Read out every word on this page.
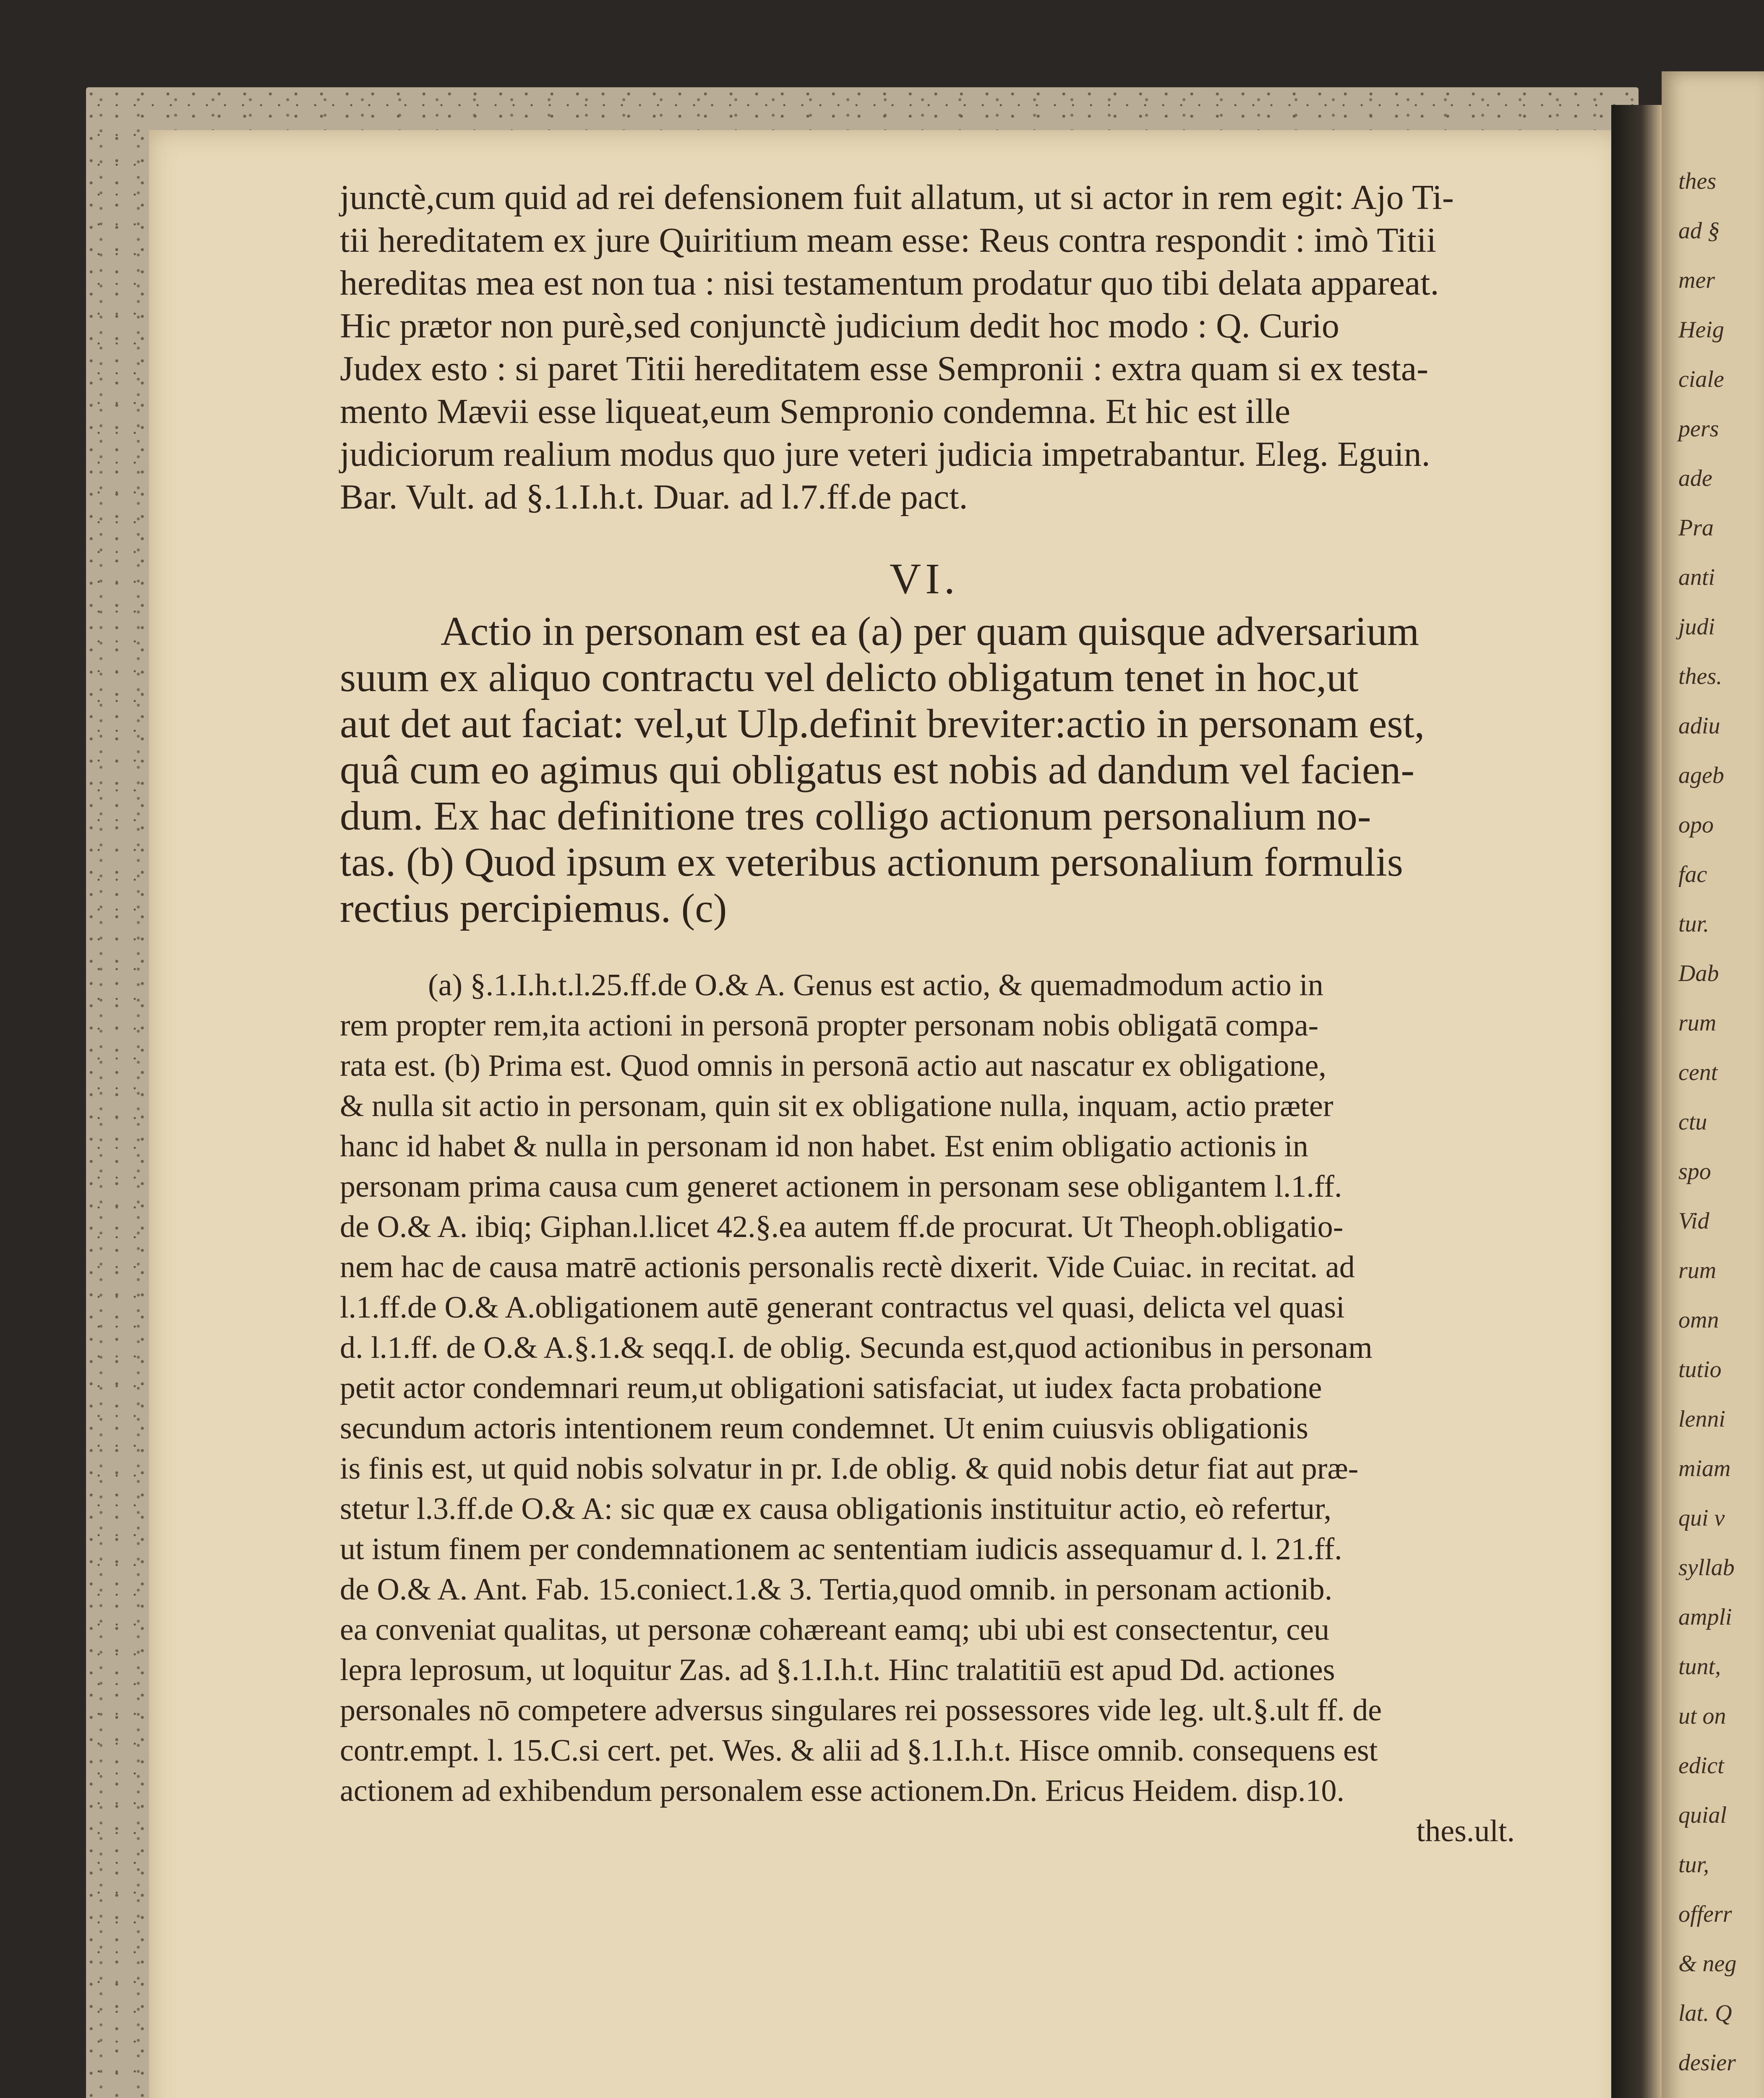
junctè,cum quid ad rei defensionem fuit allatum, ut si actor in rem egit: Ajo Ti-
tii hereditatem ex jure Quiritium meam esse: Reus contra respondit : imò Titii
hereditas mea est non tua : nisi testamentum prodatur quo tibi delata appareat.
Hic prætor non purè,sed conjunctè judicium dedit hoc modo : Q. Curio
Judex esto : si paret Titii hereditatem esse Sempronii : extra quam si ex testa-
mento Mævii esse liqueat,eum Sempronio condemna. Et hic est ille
judiciorum realium modus quo jure veteri judicia impetrabantur. Eleg. Eguin.
Bar. Vult. ad §.1.I.h.t. Duar. ad l.7.ff.de pact.
VI.
Actio in personam est ea (a) per quam quisque adversarium
suum ex aliquo contractu vel delicto obligatum tenet in hoc,ut
aut det aut faciat: vel,ut Ulp.definit breviter:actio in personam est,
quâ cum eo agimus qui obligatus est nobis ad dandum vel facien-
dum. Ex hac definitione tres colligo actionum personalium no-
tas. (b) Quod ipsum ex veteribus actionum personalium formulis
rectius percipiemus. (c)
(a) §.1.I.h.t.l.25.ff.de O.& A. Genus est actio, & quemadmodum actio in
rem propter rem,ita actioni in personā propter personam nobis obligatā compa-
rata est. (b) Prima est. Quod omnis in personā actio aut nascatur ex obligatione,
& nulla sit actio in personam, quin sit ex obligatione nulla, inquam, actio præter
hanc id habet & nulla in personam id non habet. Est enim obligatio actionis in
personam prima causa cum generet actionem in personam sese obligantem l.1.ff.
de O.& A. ibiq; Giphan.l.licet 42.§.ea autem ff.de procurat. Ut Theoph.obligatio-
nem hac de causa matrē actionis personalis rectè dixerit. Vide Cuiac. in recitat. ad
l.1.ff.de O.& A.obligationem autē generant contractus vel quasi, delicta vel quasi
d. l.1.ff. de O.& A.§.1.& seqq.I. de oblig. Secunda est,quod actionibus in personam
petit actor condemnari reum,ut obligationi satisfaciat, ut iudex facta probatione
secundum actoris intentionem reum condemnet. Ut enim cuiusvis obligationis
is finis est, ut quid nobis solvatur in pr. I.de oblig. & quid nobis detur fiat aut præ-
stetur l.3.ff.de O.& A: sic quæ ex causa obligationis instituitur actio, eò refertur,
ut istum finem per condemnationem ac sententiam iudicis assequamur d. l. 21.ff.
de O.& A. Ant. Fab. 15.coniect.1.& 3. Tertia,quod omnib. in personam actionib.
ea conveniat qualitas, ut personæ cohæreant eamq; ubi ubi est consectentur, ceu
lepra leprosum, ut loquitur Zas. ad §.1.I.h.t. Hinc tralatitiū est apud Dd. actiones
personales nō competere adversus singulares rei possessores vide leg. ult.§.ult ff. de
contr.empt. l. 15.C.si cert. pet. Wes. & alii ad §.1.I.h.t. Hisce omnib. consequens est
actionem ad exhibendum personalem esse actionem.Dn. Ericus Heidem. disp.10.
thes.ult.
thes
ad §
mer
Heig
ciale
pers
ade
Pra
anti
judi
thes.
adiu
ageb
opo
fac
tur.
Dab
rum
cent
ctu
spo
Vid
rum
omn
tutio
lenni
miam
qui v
syllab
ampli
tunt,
ut on
edict
quial
tur,
offerr
& neg
lat. Q
desier
